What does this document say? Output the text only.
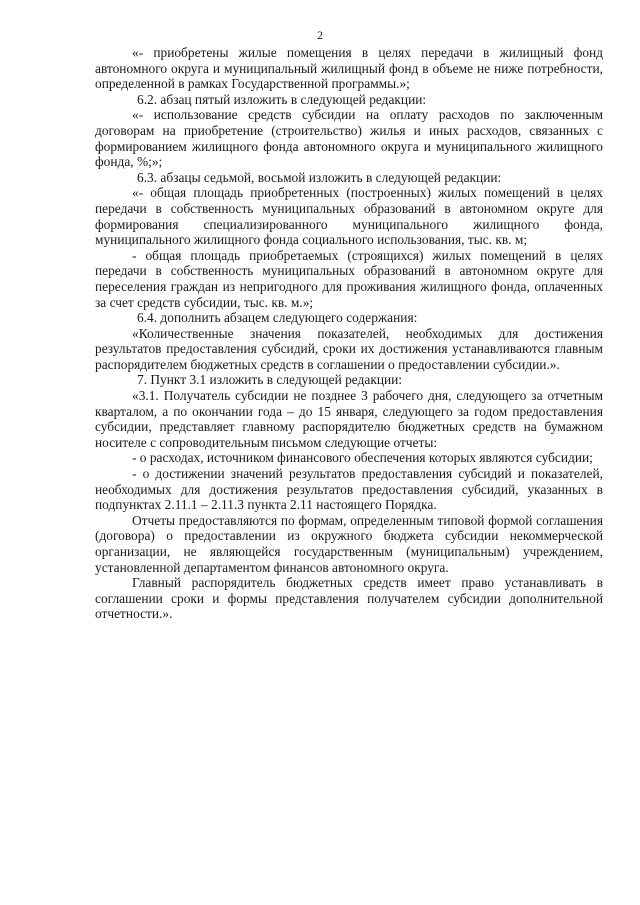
2

«- приобретены жилые помещения в целях передачи в жилищный фонд автономного округа и муниципальный жилищный фонд в объеме не ниже потребности, определенной в рамках Государственной программы.»;

6.2. абзац пятый изложить в следующей редакции:

«- использование средств субсидии на оплату расходов по заключенным договорам на приобретение (строительство) жилья и иных расходов, связанных с формированием жилищного фонда автономного округа и муниципального жилищного фонда, %;»;

6.3. абзацы седьмой, восьмой изложить в следующей редакции:

«- общая площадь приобретенных (построенных) жилых помещений в целях передачи в собственность муниципальных образований в автономном округе для формирования специализированного муниципального жилищного фонда, муниципального жилищного фонда социального использования, тыс. кв. м;

- общая площадь приобретаемых (строящихся) жилых помещений в целях передачи в собственность муниципальных образований в автономном округе для переселения граждан из непригодного для проживания жилищного фонда, оплаченных за счет средств субсидии, тыс. кв. м.»;

6.4. дополнить абзацем следующего содержания:

«Количественные значения показателей, необходимых для достижения результатов предоставления субсидий, сроки их достижения устанавливаются главным распорядителем бюджетных средств в соглашении о предоставлении субсидии.».

7. Пункт 3.1 изложить в следующей редакции:

«3.1. Получатель субсидии не позднее 3 рабочего дня, следующего за отчетным кварталом, а по окончании года – до 15 января, следующего за годом предоставления субсидии, представляет главному распорядителю бюджетных средств на бумажном носителе с сопроводительным письмом следующие отчеты:

- о расходах, источником финансового обеспечения которых являются субсидии;

- о достижении значений результатов предоставления субсидий и показателей, необходимых для достижения результатов предоставления субсидий, указанных в подпунктах 2.11.1 – 2.11.3 пункта 2.11 настоящего Порядка.

Отчеты предоставляются по формам, определенным типовой формой соглашения (договора) о предоставлении из окружного бюджета субсидии некоммерческой организации, не являющейся государственным (муниципальным) учреждением, установленной департаментом финансов автономного округа.

Главный распорядитель бюджетных средств имеет право устанавливать в соглашении сроки и формы представления получателем субсидии дополнительной отчетности.».
